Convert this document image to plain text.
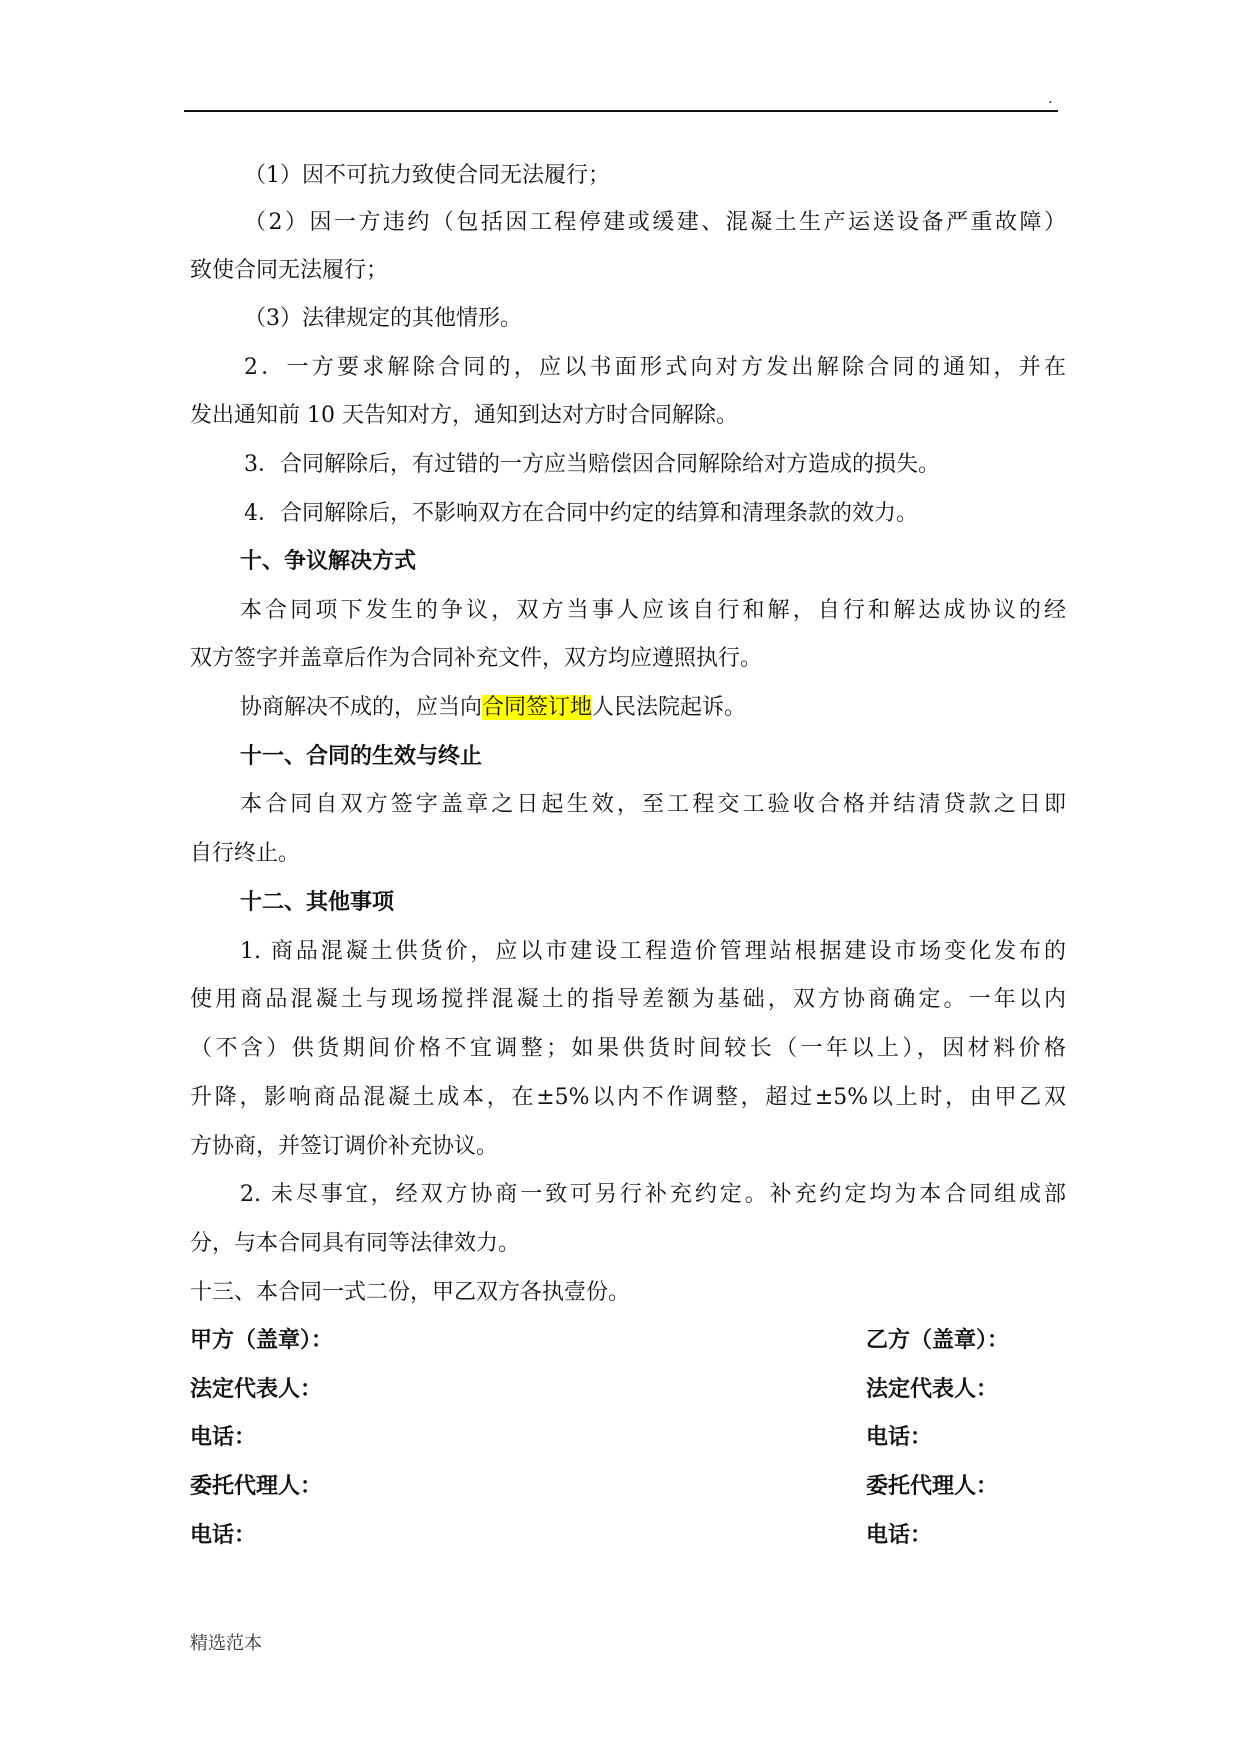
.
（1）因不可抗力致使合同无法履行；
（2）因一方违约（包括因工程停建或缓建、混凝土生产运送设备严重故障）
致使合同无法履行；
（3）法律规定的其他情形。
2．一方要求解除合同的，应以书面形式向对方发出解除合同的通知，并在
发出通知前 10 天告知对方，通知到达对方时合同解除。
3．合同解除后，有过错的一方应当赔偿因合同解除给对方造成的损失。
4．合同解除后，不影响双方在合同中约定的结算和清理条款的效力。
十、争议解决方式
本合同项下发生的争议，双方当事人应该自行和解，自行和解达成协议的经
双方签字并盖章后作为合同补充文件，双方均应遵照执行。
协商解决不成的，应当向合同签订地人民法院起诉。
十一、合同的生效与终止
本合同自双方签字盖章之日起生效，至工程交工验收合格并结清贷款之日即
自行终止。
十二、其他事项
1. 商品混凝土供货价，应以市建设工程造价管理站根据建设市场变化发布的
使用商品混凝土与现场搅拌混凝土的指导差额为基础，双方协商确定。一年以内
（不含）供货期间价格不宜调整；如果供货时间较长（一年以上），因材料价格
升降，影响商品混凝土成本，在±5%以内不作调整，超过±5%以上时，由甲乙双
方协商，并签订调价补充协议。
2. 未尽事宜，经双方协商一致可另行补充约定。补充约定均为本合同组成部
分，与本合同具有同等法律效力。
十三、本合同一式二份，甲乙双方各执壹份。
甲方（盖章）：	乙方（盖章）：
法定代表人：	法定代表人：
电话：	电话：
委托代理人：	委托代理人：
电话：	电话：
精选范本
